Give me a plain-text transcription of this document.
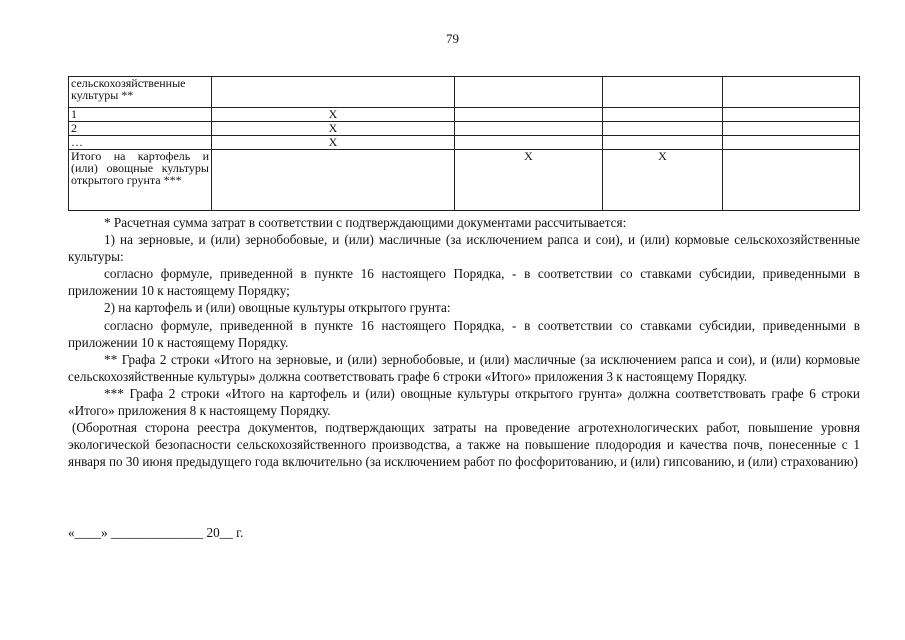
79
сельскохозяйственные культуры **				
1	X			
2	X			
…	X			
Итого на картофель и (или) овощные культуры открытого грунта ***		X	X	

* Расчетная сумма затрат в соответствии с подтверждающими документами рассчитывается:

1) на зерновые, и (или) зернобобовые, и (или) масличные (за исключением рапса и сои), и (или) кормовые сельскохозяйственные культуры:

согласно формуле, приведенной в пункте 16 настоящего Порядка, - в соответствии со ставками субсидии, приведенными в приложении 10 к настоящему Порядку;

2) на картофель и (или) овощные культуры открытого грунта:

согласно формуле, приведенной в пункте 16 настоящего Порядка, - в соответствии со ставками субсидии, приведенными в приложении 10 к настоящему Порядку.

** Графа 2 строки «Итого на зерновые, и (или) зернобобовые, и (или) масличные (за исключением рапса и сои), и (или) кормовые сельскохозяйственные культуры» должна соответствовать графе 6 строки «Итого» приложения 3 к настоящему Порядку.

*** Графа 2 строки «Итого на картофель и (или) овощные культуры открытого грунта» должна соответствовать графе 6 строки «Итого» приложения 8 к настоящему Порядку.

(Оборотная сторона реестра документов, подтверждающих затраты на проведение агротехнологических работ, повышение уровня экологической безопасности сельскохозяйственного производства, а также на повышение плодородия и качества почв, понесенные с 1 января по 30 июня предыдущего года включительно (за исключением работ по фосфоритованию, и (или) гипсованию, и (или) страхованию)

«____» ______________ 20__ г.
